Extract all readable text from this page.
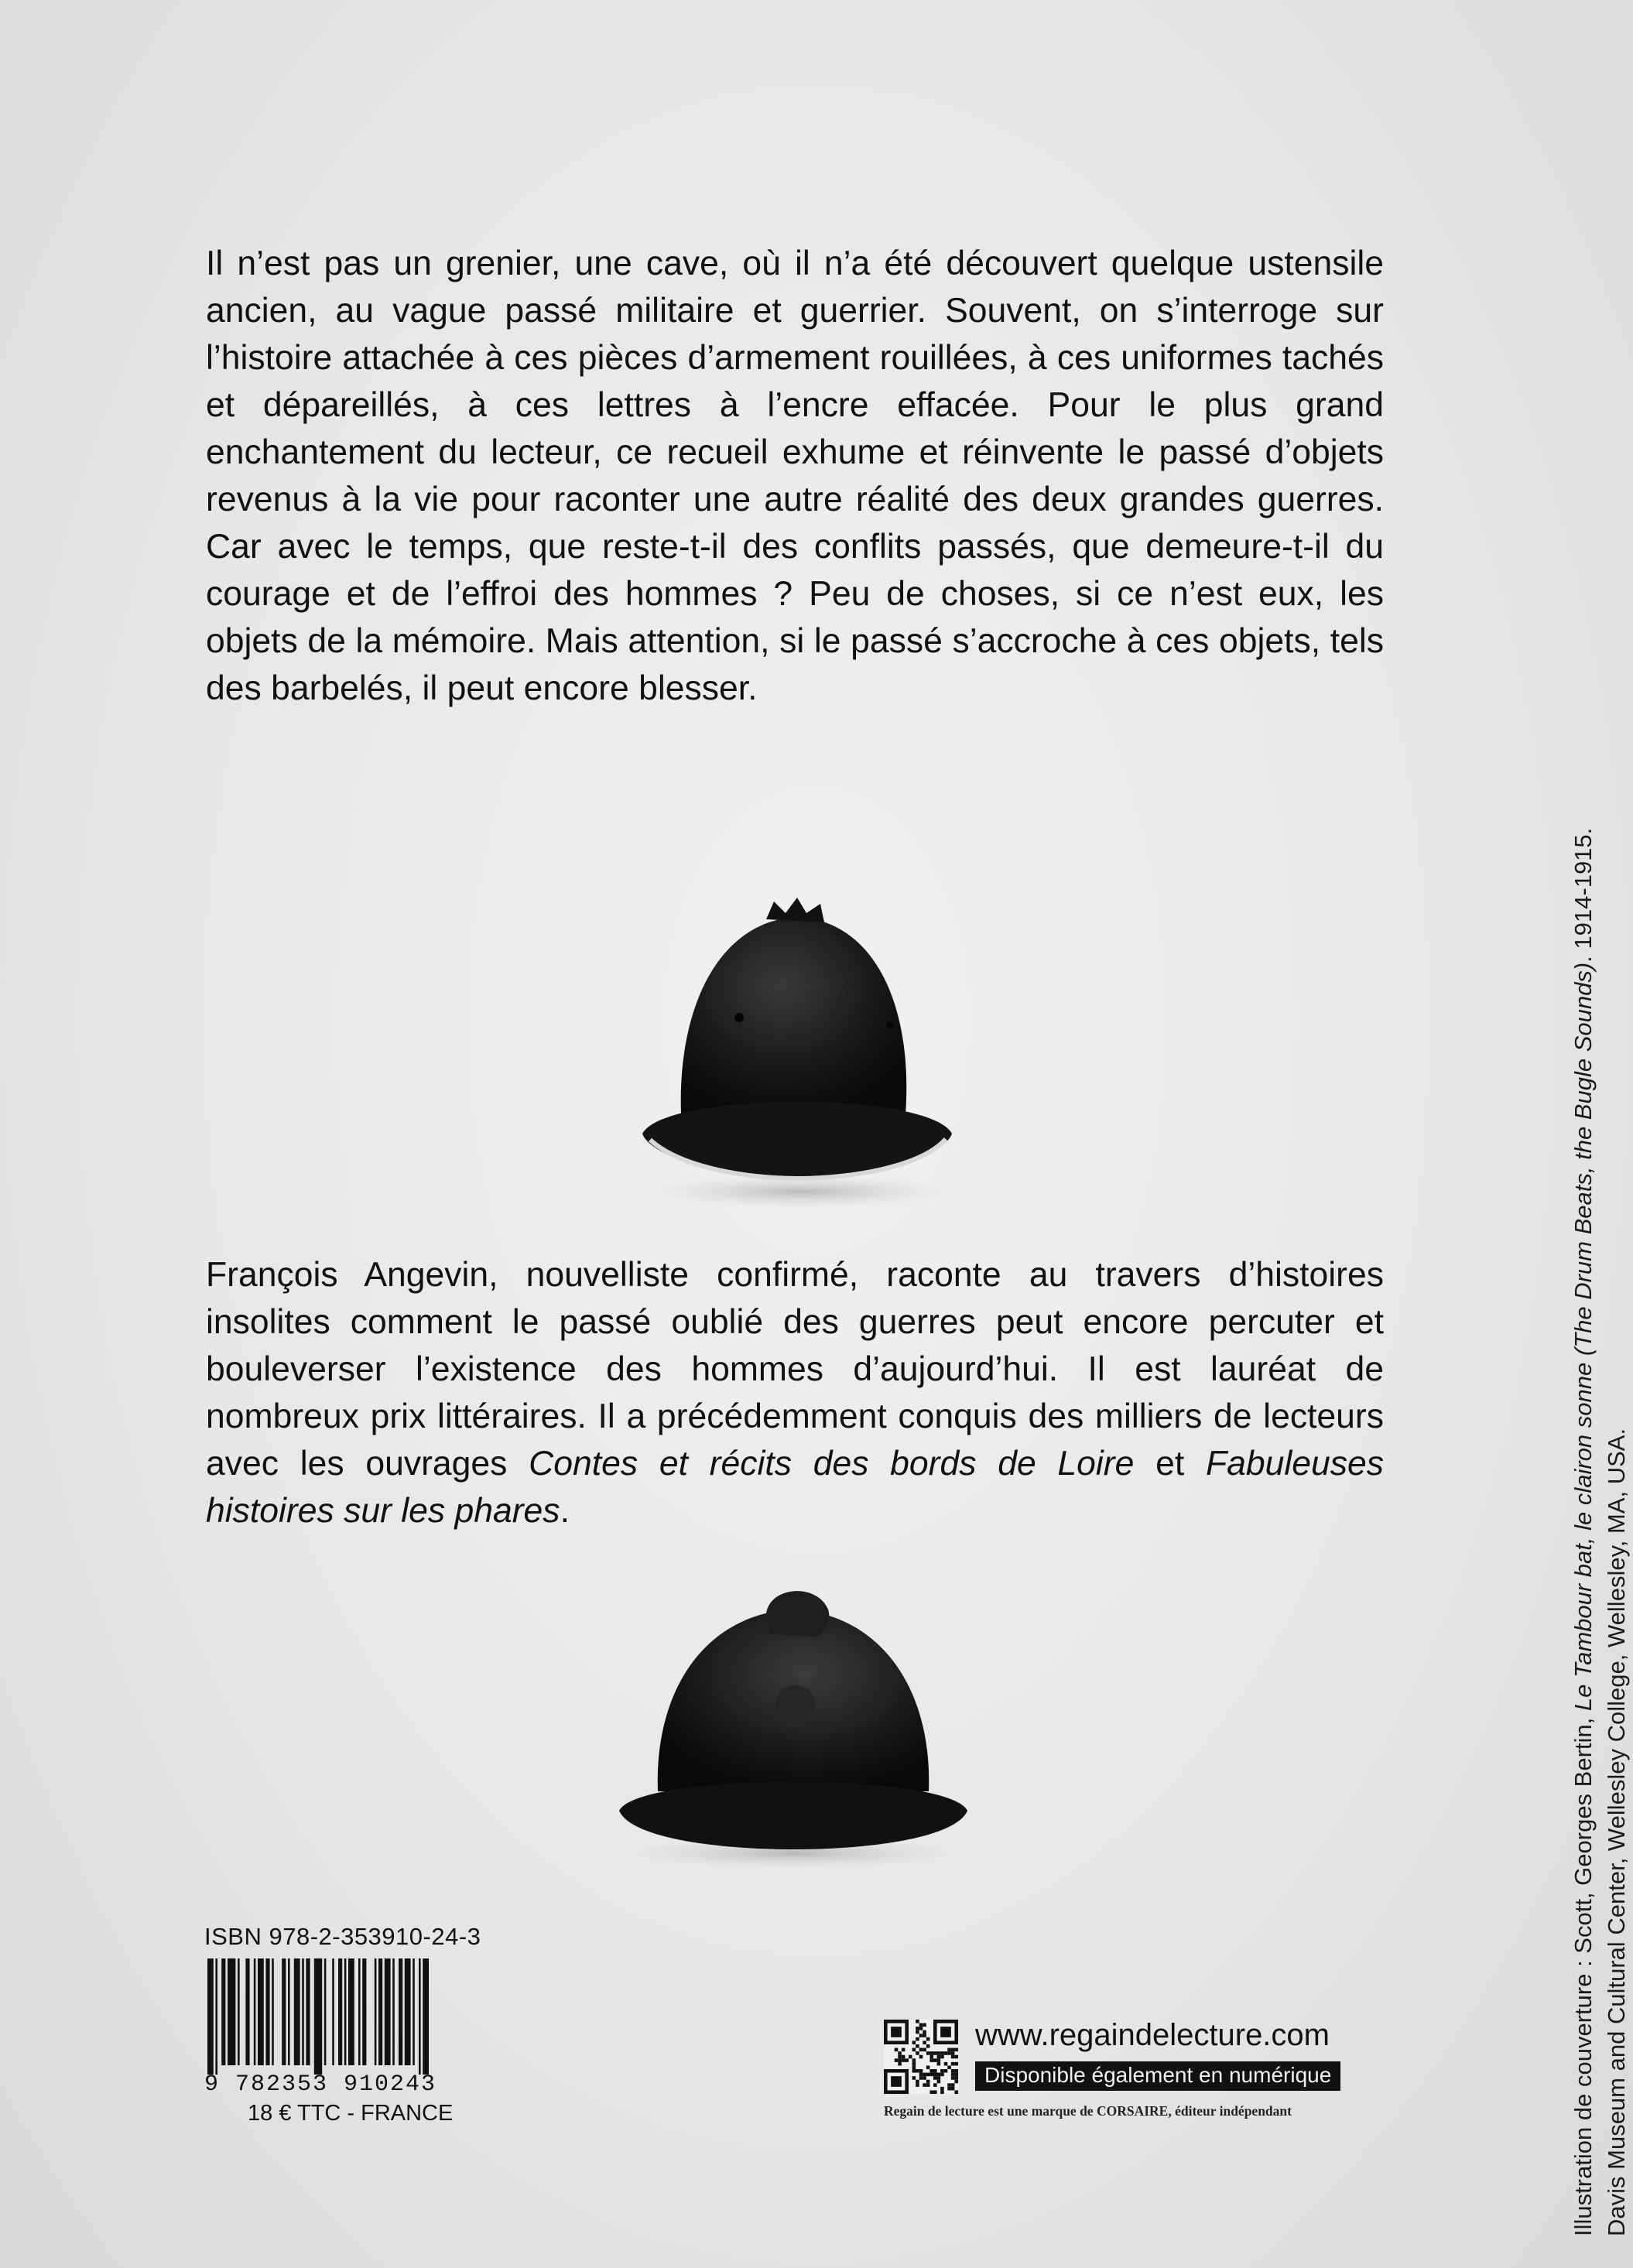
Il n’est pas un grenier, une cave, où il n’a été découvert quelque ustensile ancien, au vague passé militaire et guerrier. Souvent, on s’interroge sur l’histoire attachée à ces pièces d’armement rouillées, à ces uniformes tachés et dépareillés, à ces lettres à l’encre effacée. Pour le plus grand enchantement du lecteur, ce recueil exhume et réinvente le passé d’objets revenus à la vie pour raconter une autre réalité des deux grandes guerres. Car avec le temps, que reste-t-il des conflits passés, que demeure-t-il du courage et de l’effroi des hommes ? Peu de choses, si ce n’est eux, les objets de la mémoire. Mais attention, si le passé s’accroche à ces objets, tels des barbelés, il peut encore blesser.

François Angevin, nouvelliste confirmé, raconte au travers d’histoires insolites comment le passé oublié des guerres peut encore percuter et bouleverser l’existence des hommes d’aujourd’hui. Il est lauréat de nombreux prix littéraires. Il a précédemment conquis des milliers de lecteurs avec les ouvrages Contes et récits des bords de Loire et Fabuleuses histoires sur les phares.

Illustration de couverture : Scott, Georges Bertin, Le Tambour bat, le clairon sonne (The Drum Beats, the Bugle Sounds). 1914-1915.
Davis Museum and Cultural Center, Wellesley College, Wellesley, MA, USA.
ISBN 978-2-353910-24-3
9 782353 910243
18 € TTC - FRANCE
www.regaindelecture.com
Disponible également en numérique
Regain de lecture est une marque de CORSAIRE, éditeur indépendant
